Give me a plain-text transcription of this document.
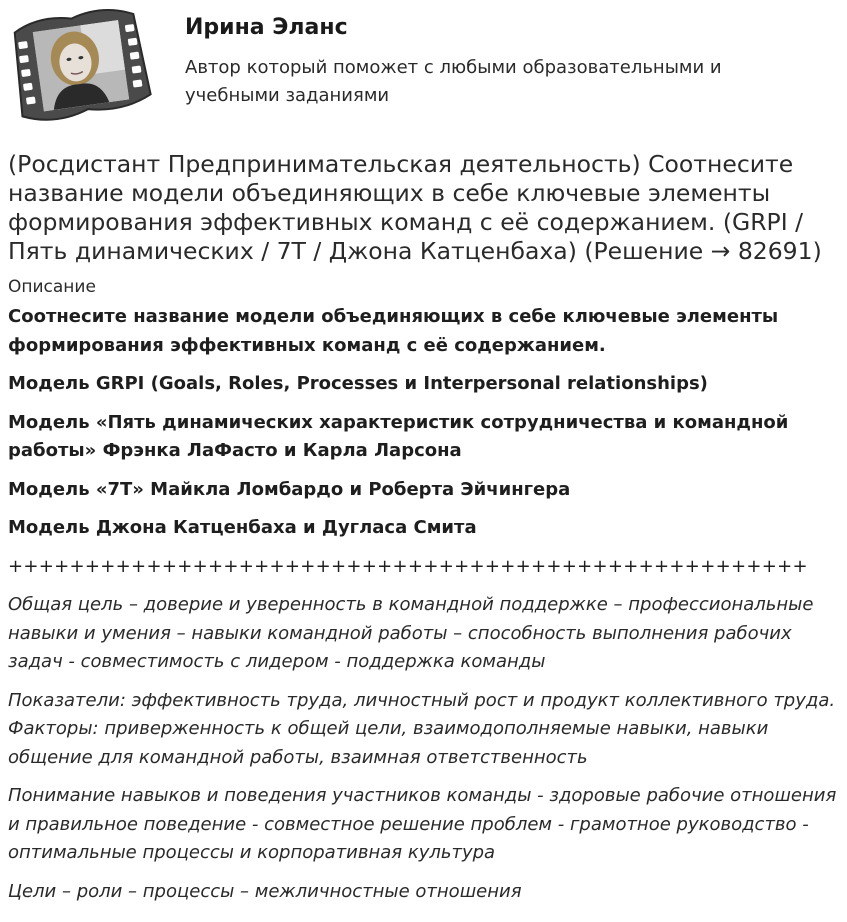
Ирина Эланс
Автор который поможет с любыми образовательными и учебными заданиями
(Росдистант Предпринимательская деятельность) Соотнесите название модели объединяющих в себе ключевые элементы формирования эффективных команд с её содержанием. (GRPI / Пять динамических / 7T / Джона Катценбаха) (Решение → 82691)
Описание

Соотнесите название модели объединяющих в себе ключевые элементы формирования эффективных команд с её содержанием.

Модель GRPI (Goals, Roles, Processes и Interpersonal relationships)

Модель «Пять динамических характеристик сотрудничества и командной работы» Фрэнка ЛаФасто и Карла Ларсона

Модель «7Т» Майкла Ломбардо и Роберта Эйчингера

Модель Джона Катценбаха и Дугласа Смита

++++++++++++++++++++++++++++++++++++++++++++++++++++

Общая цель – доверие и уверенность в командной поддержке – профессиональные навыки и умения – навыки командной работы – способность выполнения рабочих задач - совместимость с лидером - поддержка команды

Показатели: эффективность труда, личностный рост и продукт коллективного труда. Факторы: приверженность к общей цели, взаимодополняемые навыки, навыки общение для командной работы, взаимная ответственность

Понимание навыков и поведения участников команды - здоровые рабочие отношения и правильное поведение - совместное решение проблем - грамотное руководство - оптимальные процессы и корпоративная культура

Цели – роли – процессы – межличностные отношения
